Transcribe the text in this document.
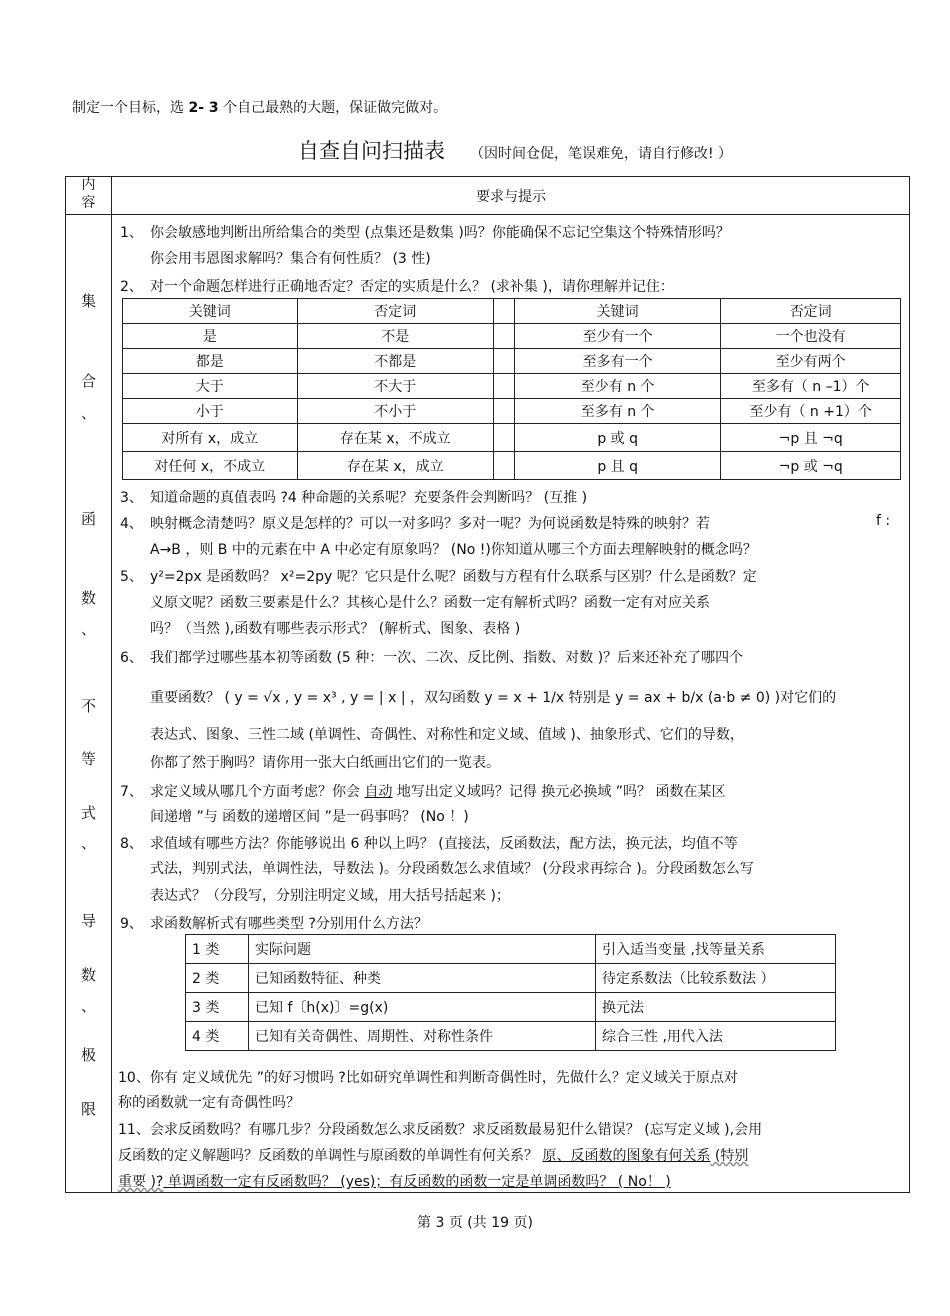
制定一个目标，选 2- 3 个自己最熟的大题，保证做完做对。
自查自问扫描表 （因时间仓促，笔误难免，请自行修改! ）
内
容	要求与提示
集
合
、
函
数
、
不
等
式
、
导
数
、
极
限
1、 你会敏感地判断出所给集合的类型 (点集还是数集 )吗？你能确保不忘记空集这个特殊情形吗？
你会用韦恩图求解吗？集合有何性质？ (3 性)
2、 对一个命题怎样进行正确地否定？否定的实质是什么？ (求补集 )，请你理解并记住：
关键词	否定词		关键词	否定词
是	不是		至少有一个	一个也没有
都是	不都是		至多有一个	至少有两个
大于	不大于		至少有 n 个	至多有（ n –1）个
小于	不小于		至多有 n 个	至少有（ n +1）个
对所有 x，成立	存在某 x，不成立		p 或 q	¬p 且 ¬q
对任何 x，不成立	存在某 x，成立		p 且 q	¬p 或 ¬q
3、 知道命题的真值表吗 ?4 种命题的关系呢？充要条件会判断吗？ (互推 )
4、 映射概念清楚吗？原义是怎样的？可以一对多吗？多对一呢？为何说函数是特殊的映射？若	f :
A→B ，则 B 中的元素在中 A 中必定有原象吗？ (No !)你知道从哪三个方面去理解映射的概念吗？
5、 y²=2px 是函数吗？ x²=2py 呢？它只是什么呢？函数与方程有什么联系与区别？什么是函数？定
义原文呢？函数三要素是什么？其核心是什么？函数一定有解析式吗？函数一定有对应关系
吗？（当然 ),函数有哪些表示形式？ (解析式、图象、表格 )
6、 我们都学过哪些基本初等函数 (5 种：一次、二次、反比例、指数、对数 )？后来还补充了哪四个
重要函数？ ( y = √x , y = x³ , y = | x | ，双勾函数 y = x + 1/x 特别是 y = ax + b/x (a·b ≠ 0) )对它们的
表达式、图象、三性二域 (单调性、奇偶性、对称性和定义域、值域 )、抽象形式、它们的导数，
你都了然于胸吗？请你用一张大白纸画出它们的一览表。
7、 求定义域从哪几个方面考虑？你会 自动 地写出定义域吗？记得 换元必换域 ”吗？ 函数在某区
间递增 ”与 函数的递增区间 ”是一码事吗？ (No ！)
8、 求值域有哪些方法？你能够说出 6 种以上吗？ (直接法，反函数法，配方法，换元法，均值不等
式法，判别式法，单调性法，导数法 )。分段函数怎么求值域？ (分段求再综合 )。分段函数怎么写
表达式？（分段写，分别注明定义域，用大括号括起来 )；
9、 求函数解析式有哪些类型 ?分别用什么方法？
1 类	实际问题	引入适当变量 ,找等量关系
2 类	已知函数特征、种类	待定系数法（比较系数法 ）
3 类	已知 f〔h(x)〕=g(x)	换元法
4 类	已知有关奇偶性、周期性、对称性条件	综合三性 ,用代入法
10、你有 定义域优先 ”的好习惯吗 ?比如研究单调性和判断奇偶性时，先做什么？定义域关于原点对
称的函数就一定有奇偶性吗？
11、会求反函数吗？有哪几步？分段函数怎么求反函数？求反函数最易犯什么错误？ (忘写定义域 ),会用
反函数的定义解题吗？反函数的单调性与原函数的单调性有何关系？ 原、反函数的图象有何关系 (特别
重要 )? 单调函数一定有反函数吗？ (yes)；有反函数的函数一定是单调函数吗？ ( No！ )
第 3 页 (共 19 页)
